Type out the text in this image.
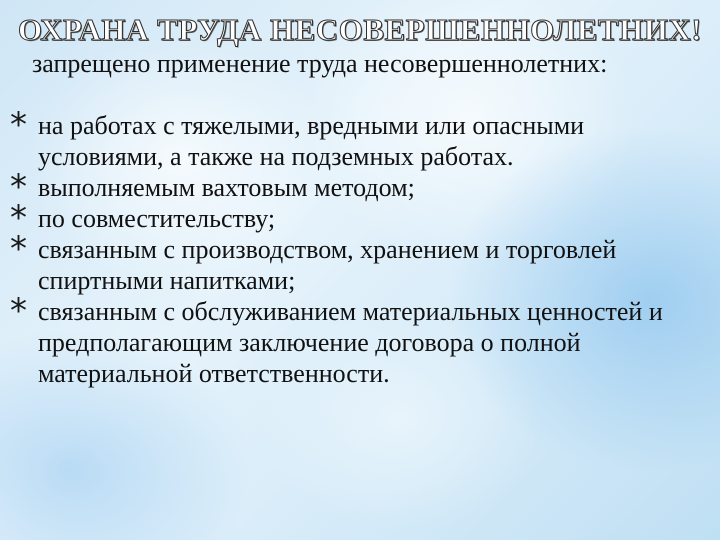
ОХРАНА ТРУДА НЕСОВЕРШЕННОЛЕТНИХ!
запрещено применение труда несовершеннолетних:
* на работах с тяжелыми, вредными или опасными условиями, а также на подземных работах.
* выполняемым вахтовым методом;
* по совместительству;
* связанным с производством, хранением и торговлей спиртными напитками;
* связанным с обслуживанием материальных ценностей и предполагающим заключение договора о полной материальной ответственности.
